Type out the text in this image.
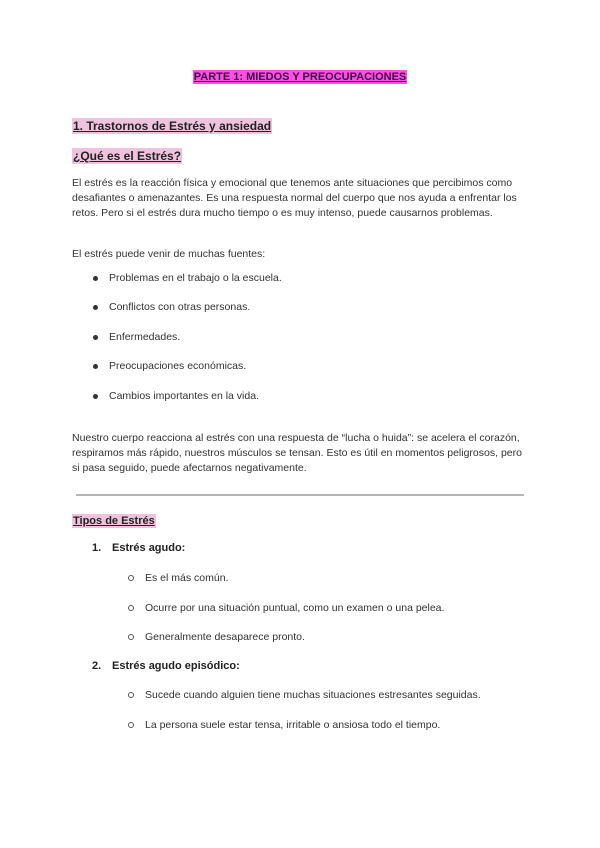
PARTE 1: MIEDOS Y PREOCUPACIONES
1. Trastornos de Estrés y ansiedad
¿Qué es el Estrés?
El estrés es la reacción física y emocional que tenemos ante situaciones que percibimos como desafiantes o amenazantes. Es una respuesta normal del cuerpo que nos ayuda a enfrentar los retos. Pero si el estrés dura mucho tiempo o es muy intenso, puede causarnos problemas.
El estrés puede venir de muchas fuentes:
Problemas en el trabajo o la escuela.
Conflictos con otras personas.
Enfermedades.
Preocupaciones económicas.
Cambios importantes en la vida.
Nuestro cuerpo reacciona al estrés con una respuesta de “lucha o huida”: se acelera el corazón, respiramos más rápido, nuestros músculos se tensan. Esto es útil en momentos peligrosos, pero si pasa seguido, puede afectarnos negativamente.
Tipos de Estrés
1. Estrés agudo:
Es el más común.
Ocurre por una situación puntual, como un examen o una pelea.
Generalmente desaparece pronto.
2. Estrés agudo episódico:
Sucede cuando alguien tiene muchas situaciones estresantes seguidas.
La persona suele estar tensa, irritable o ansiosa todo el tiempo.
